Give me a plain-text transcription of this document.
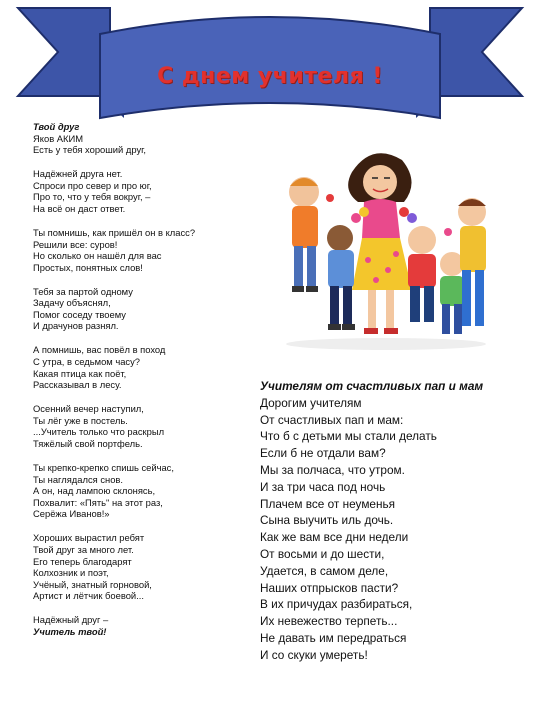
С днем учителя !
Твой друг
Яков АКИМ
Есть у тебя хороший друг,
Надёжней друга нет.
Спроси про север и про юг,
Про то, что у тебя вокруг, –
На всё он даст ответ.
Ты помнишь, как пришёл он в класс?
Решили все: суров!
Но сколько он нашёл для вас
Простых, понятных слов!
Тебя за партой одному
Задачу объяснял,
Помог соседу твоему
И драчунов разнял.
А помнишь, вас повёл в поход
С утра, в седьмом часу?
Какая птица как поёт,
Рассказывал в лесу.
Осенний вечер наступил,
Ты лёг уже в постель.
...Учитель только что раскрыл
Тяжёлый свой портфель.
Ты крепко-крепко спишь сейчас,
Ты наглядался снов.
А он, над лампою склонясь,
Похвалит: «Пять" на этот раз,
Серёжа Иванов!»
Хороших вырастил ребят
Твой друг за много лет.
Его теперь благодарят
Колхозник и поэт,
Учёный, знатный горновой,
Артист и лётчик боевой...
Надёжный друг –
Учитель твой!
Учителям от счастливых пап и мам
Дорогим учителям
От счастливых пап и мам:
Что б с детьми мы стали делать
Если б не отдали вам?
Мы за полчаса, что утром.
И за три часа под ночь
Плачем все от неуменья
Сына выучить иль дочь.
Как же вам все дни недели
От восьми и до шести,
Удается, в самом деле,
Наших отпрысков пасти?
В их причудах разбираться,
Их невежество терпеть...
Не давать им передраться
И со скуки умереть!
